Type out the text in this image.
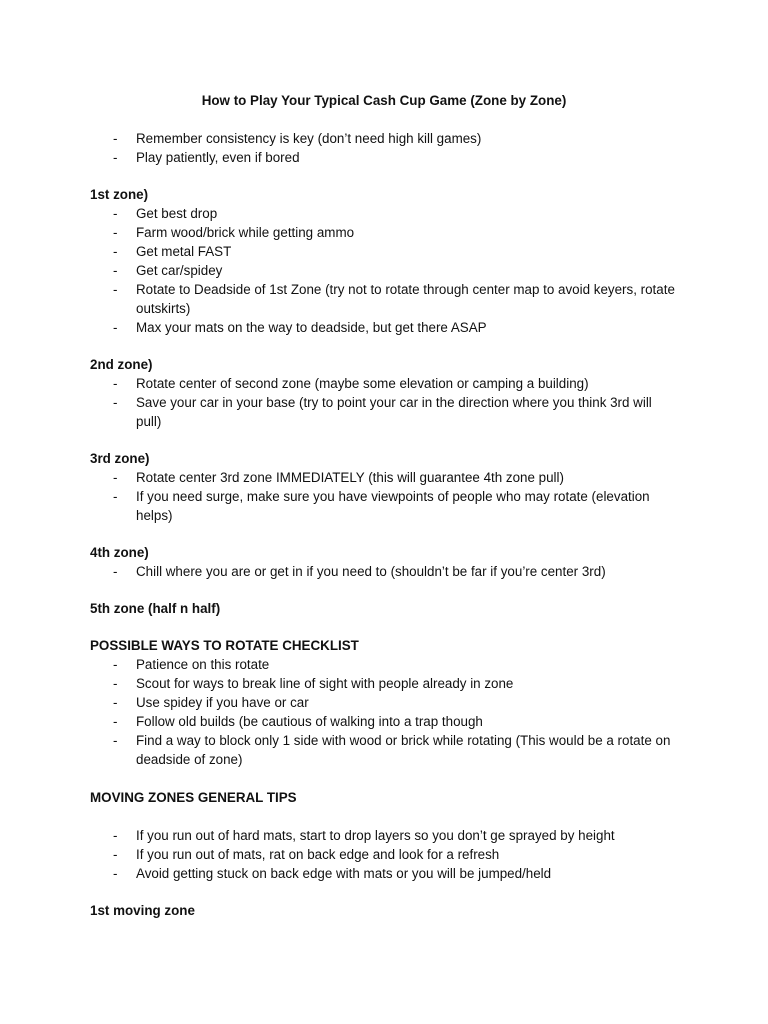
How to Play Your Typical Cash Cup Game (Zone by Zone)
- Remember consistency is key (don’t need high kill games)
- Play patiently, even if bored
1st zone)
- Get best drop
- Farm wood/brick while getting ammo
- Get metal FAST
- Get car/spidey
- Rotate to Deadside of 1st Zone (try not to rotate through center map to avoid keyers, rotate outskirts)
- Max your mats on the way to deadside, but get there ASAP
2nd zone)
- Rotate center of second zone (maybe some elevation or camping a building)
- Save your car in your base (try to point your car in the direction where you think 3rd will pull)
3rd zone)
- Rotate center 3rd zone IMMEDIATELY (this will guarantee 4th zone pull)
- If you need surge, make sure you have viewpoints of people who may rotate (elevation helps)
4th zone)
- Chill where you are or get in if you need to (shouldn’t be far if you’re center 3rd)
5th zone (half n half)
POSSIBLE WAYS TO ROTATE CHECKLIST
- Patience on this rotate
- Scout for ways to break line of sight with people already in zone
- Use spidey if you have or car
- Follow old builds (be cautious of walking into a trap though
- Find a way to block only 1 side with wood or brick while rotating (This would be a rotate on deadside of zone)
MOVING ZONES GENERAL TIPS
- If you run out of hard mats, start to drop layers so you don’t ge sprayed by height
- If you run out of mats, rat on back edge and look for a refresh
- Avoid getting stuck on back edge with mats or you will be jumped/held
1st moving zone
